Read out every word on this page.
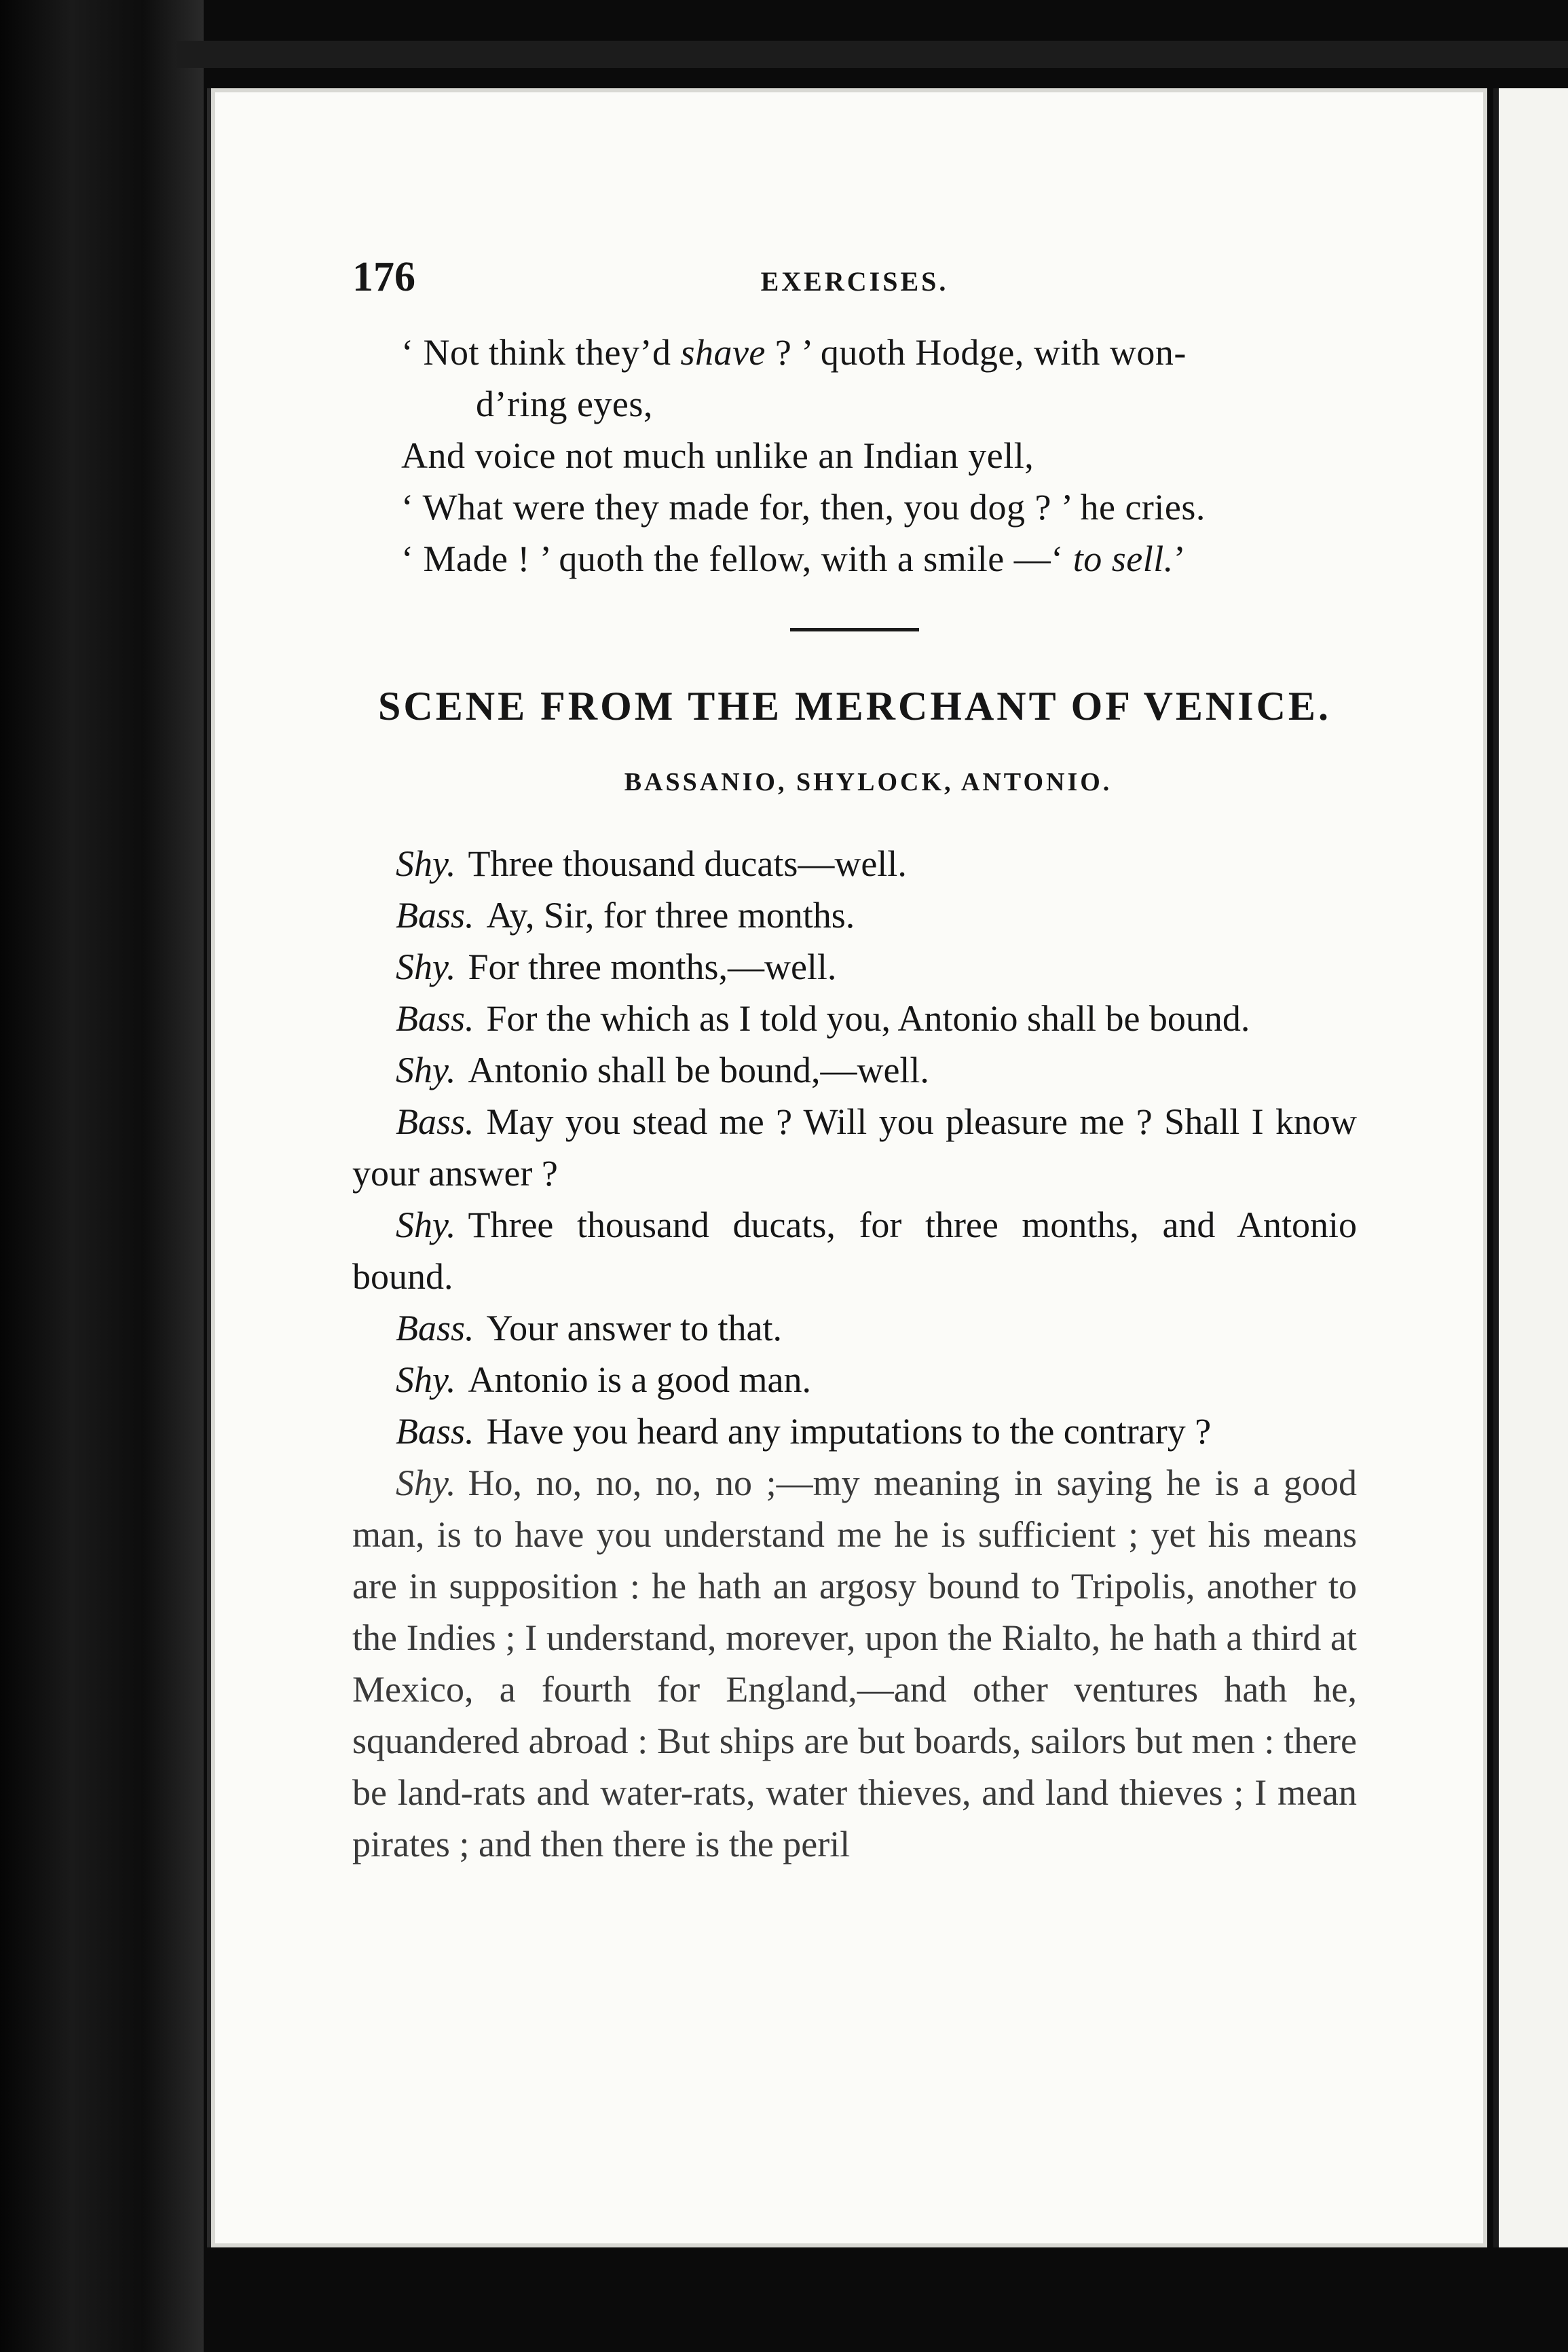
176	EXERCISES.
‘ Not think they’d shave ? ’ quoth Hodge, with won-
d’ring eyes,
And voice not much unlike an Indian yell,
‘ What were they made for, then, you dog ? ’ he cries.
‘ Made ! ’ quoth the fellow, with a smile —‘ to sell.’
SCENE FROM THE MERCHANT OF VENICE.
BASSANIO, SHYLOCK, ANTONIO.

Shy. Three thousand ducats—well.

Bass. Ay, Sir, for three months.

Shy. For three months,—well.

Bass. For the which as I told you, Antonio shall be bound.

Shy. Antonio shall be bound,—well.

Bass. May you stead me ? Will you pleasure me ? Shall I know your answer ?

Shy. Three thousand ducats, for three months, and Antonio bound.

Bass. Your answer to that.

Shy. Antonio is a good man.

Bass. Have you heard any imputations to the contrary ?

Shy. Ho, no, no, no, no ;—my meaning in saying he is a good man, is to have you understand me he is sufficient ; yet his means are in supposition : he hath an argosy bound to Tripolis, another to the Indies ; I understand, morever, upon the Rialto, he hath a third at Mexico, a fourth for England,—and other ventures hath he, squandered abroad : But ships are but boards, sailors but men : there be land-rats and water-rats, water thieves, and land thieves ; I mean pirates ; and then there is the peril
